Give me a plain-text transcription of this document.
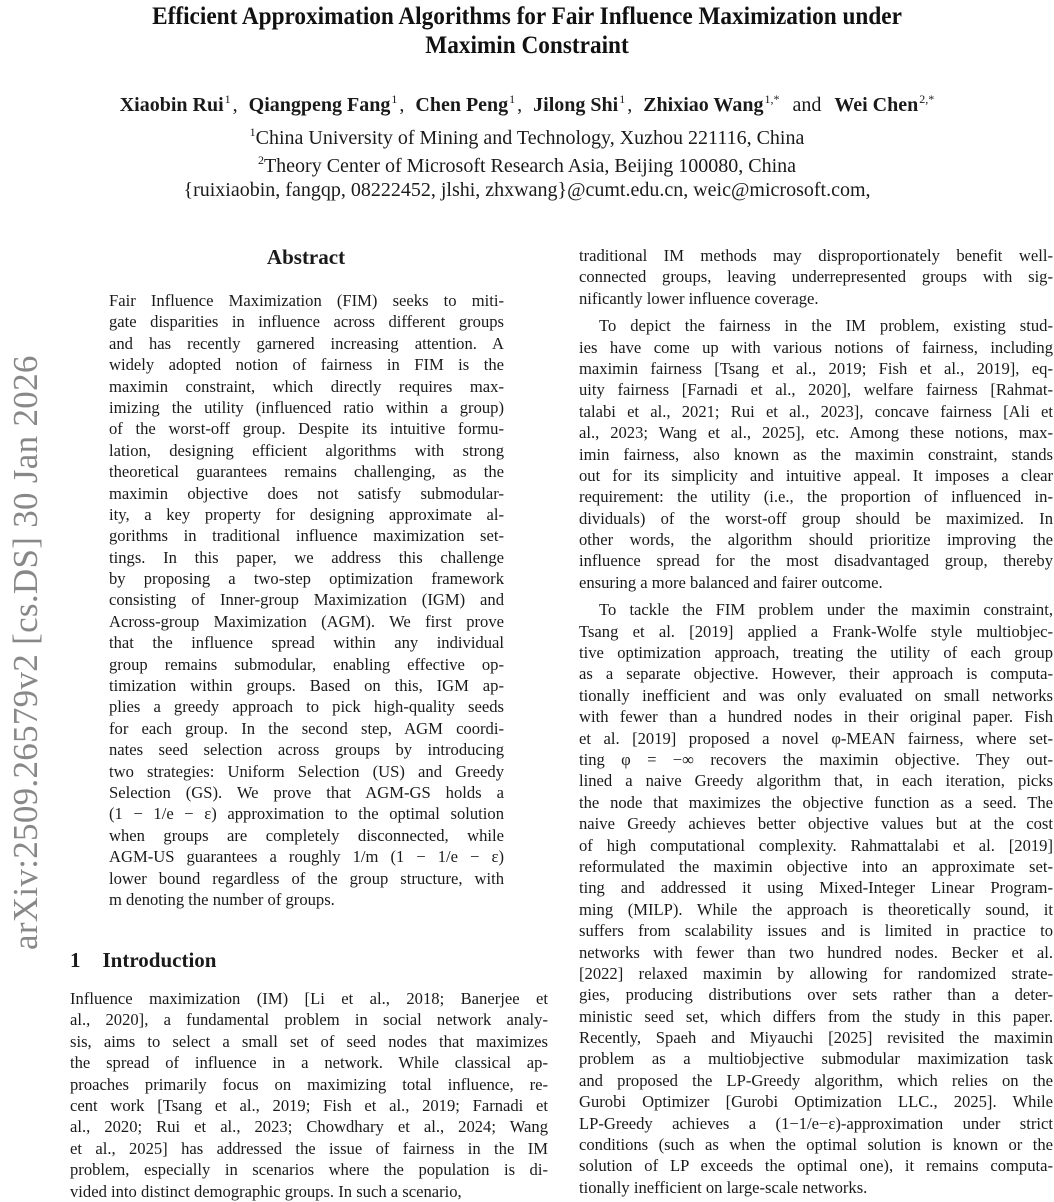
Efficient Approximation Algorithms for Fair Influence Maximization under
Maximin Constraint
Xiaobin Rui$^1$ , Qiangpeng Fang$^1$ , Chen Peng$^1$ , Jilong Shi$^1$ , Zhixiao Wang$^{1,*}$ and Wei Chen$^{2,*}$
$^1$China University of Mining and Technology, Xuzhou 221116, China
$^2$Theory Center of Microsoft Research Asia, Beijing 100080, China
{ruixiaobin, fangqp, 08222452, jlshi, zhxwang}@cumt.edu.cn, weic@microsoft.com,
arXiv:2509.26579v2 [cs.DS] 30 Jan 2026
Abstract
Fair Influence Maximization (FIM) seeks to miti-
gate disparities in influence across different groups
and has recently garnered increasing attention. A
widely adopted notion of fairness in FIM is the
maximin constraint, which directly requires max-
imizing the utility (influenced ratio within a group)
of the worst-off group. Despite its intuitive formu-
lation, designing efficient algorithms with strong
theoretical guarantees remains challenging, as the
maximin objective does not satisfy submodular-
ity, a key property for designing approximate al-
gorithms in traditional influence maximization set-
tings. In this paper, we address this challenge
by proposing a two-step optimization framework
consisting of Inner-group Maximization (IGM) and
Across-group Maximization (AGM). We first prove
that the influence spread within any individual
group remains submodular, enabling effective op-
timization within groups. Based on this, IGM ap-
plies a greedy approach to pick high-quality seeds
for each group. In the second step, AGM coordi-
nates seed selection across groups by introducing
two strategies: Uniform Selection (US) and Greedy
Selection (GS). We prove that AGM-GS holds a
(1 − 1/e − ε) approximation to the optimal solution
when groups are completely disconnected, while
AGM-US guarantees a roughly 1/m (1 − 1/e − ε)
lower bound regardless of the group structure, with
m denoting the number of groups.
1 Introduction
Influence maximization (IM) [Li et al., 2018; Banerjee et
al., 2020], a fundamental problem in social network analy-
sis, aims to select a small set of seed nodes that maximizes
the spread of influence in a network. While classical ap-
proaches primarily focus on maximizing total influence, re-
cent work [Tsang et al., 2019; Fish et al., 2019; Farnadi et
al., 2020; Rui et al., 2023; Chowdhary et al., 2024; Wang
et al., 2025] has addressed the issue of fairness in the IM
problem, especially in scenarios where the population is di-
vided into distinct demographic groups. In such a scenario,
traditional IM methods may disproportionately benefit well-
connected groups, leaving underrepresented groups with sig-
nificantly lower influence coverage.
To depict the fairness in the IM problem, existing stud-
ies have come up with various notions of fairness, including
maximin fairness [Tsang et al., 2019; Fish et al., 2019], eq-
uity fairness [Farnadi et al., 2020], welfare fairness [Rahmat-
talabi et al., 2021; Rui et al., 2023], concave fairness [Ali et
al., 2023; Wang et al., 2025], etc. Among these notions, max-
imin fairness, also known as the maximin constraint, stands
out for its simplicity and intuitive appeal. It imposes a clear
requirement: the utility (i.e., the proportion of influenced in-
dividuals) of the worst-off group should be maximized. In
other words, the algorithm should prioritize improving the
influence spread for the most disadvantaged group, thereby
ensuring a more balanced and fairer outcome.
To tackle the FIM problem under the maximin constraint,
Tsang et al. [2019] applied a Frank-Wolfe style multiobjec-
tive optimization approach, treating the utility of each group
as a separate objective. However, their approach is computa-
tionally inefficient and was only evaluated on small networks
with fewer than a hundred nodes in their original paper. Fish
et al. [2019] proposed a novel φ-MEAN fairness, where set-
ting φ = −∞ recovers the maximin objective. They out-
lined a naive Greedy algorithm that, in each iteration, picks
the node that maximizes the objective function as a seed. The
naive Greedy achieves better objective values but at the cost
of high computational complexity. Rahmattalabi et al. [2019]
reformulated the maximin objective into an approximate set-
ting and addressed it using Mixed-Integer Linear Program-
ming (MILP). While the approach is theoretically sound, it
suffers from scalability issues and is limited in practice to
networks with fewer than two hundred nodes. Becker et al.
[2022] relaxed maximin by allowing for randomized strate-
gies, producing distributions over sets rather than a deter-
ministic seed set, which differs from the study in this paper.
Recently, Spaeh and Miyauchi [2025] revisited the maximin
problem as a multiobjective submodular maximization task
and proposed the LP-Greedy algorithm, which relies on the
Gurobi Optimizer [Gurobi Optimization LLC., 2025]. While
LP-Greedy achieves a (1−1/e−ε)-approximation under strict
conditions (such as when the optimal solution is known or the
solution of LP exceeds the optimal one), it remains computa-
tionally inefficient on large-scale networks.
